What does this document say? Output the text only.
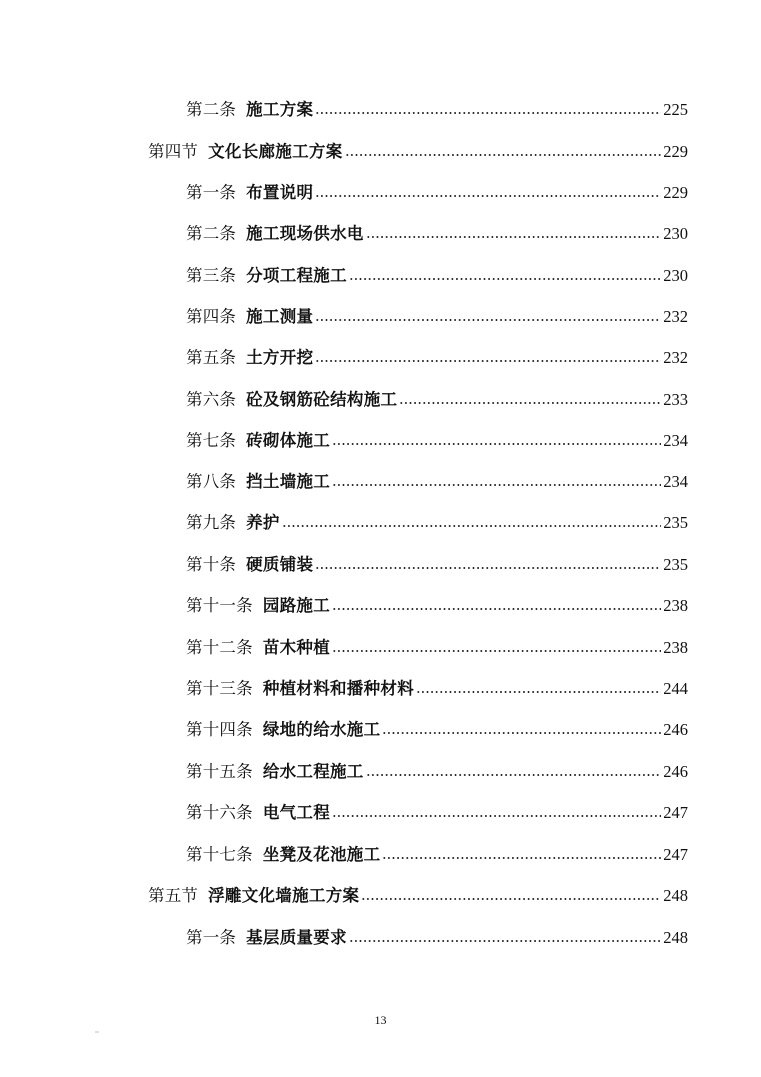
第二条 施工方案	225
第四节 文化长廊施工方案	229
第一条 布置说明	229
第二条 施工现场供水电	230
第三条 分项工程施工	230
第四条 施工测量	232
第五条 土方开挖	232
第六条 砼及钢筋砼结构施工	233
第七条 砖砌体施工	234
第八条 挡土墙施工	234
第九条 养护	235
第十条 硬质铺装	235
第十一条 园路施工	238
第十二条 苗木种植	238
第十三条 种植材料和播种材料	244
第十四条 绿地的给水施工	246
第十五条 给水工程施工	246
第十六条 电气工程	247
第十七条 坐凳及花池施工	247
第五节 浮雕文化墙施工方案	248
第一条 基层质量要求	248
13
